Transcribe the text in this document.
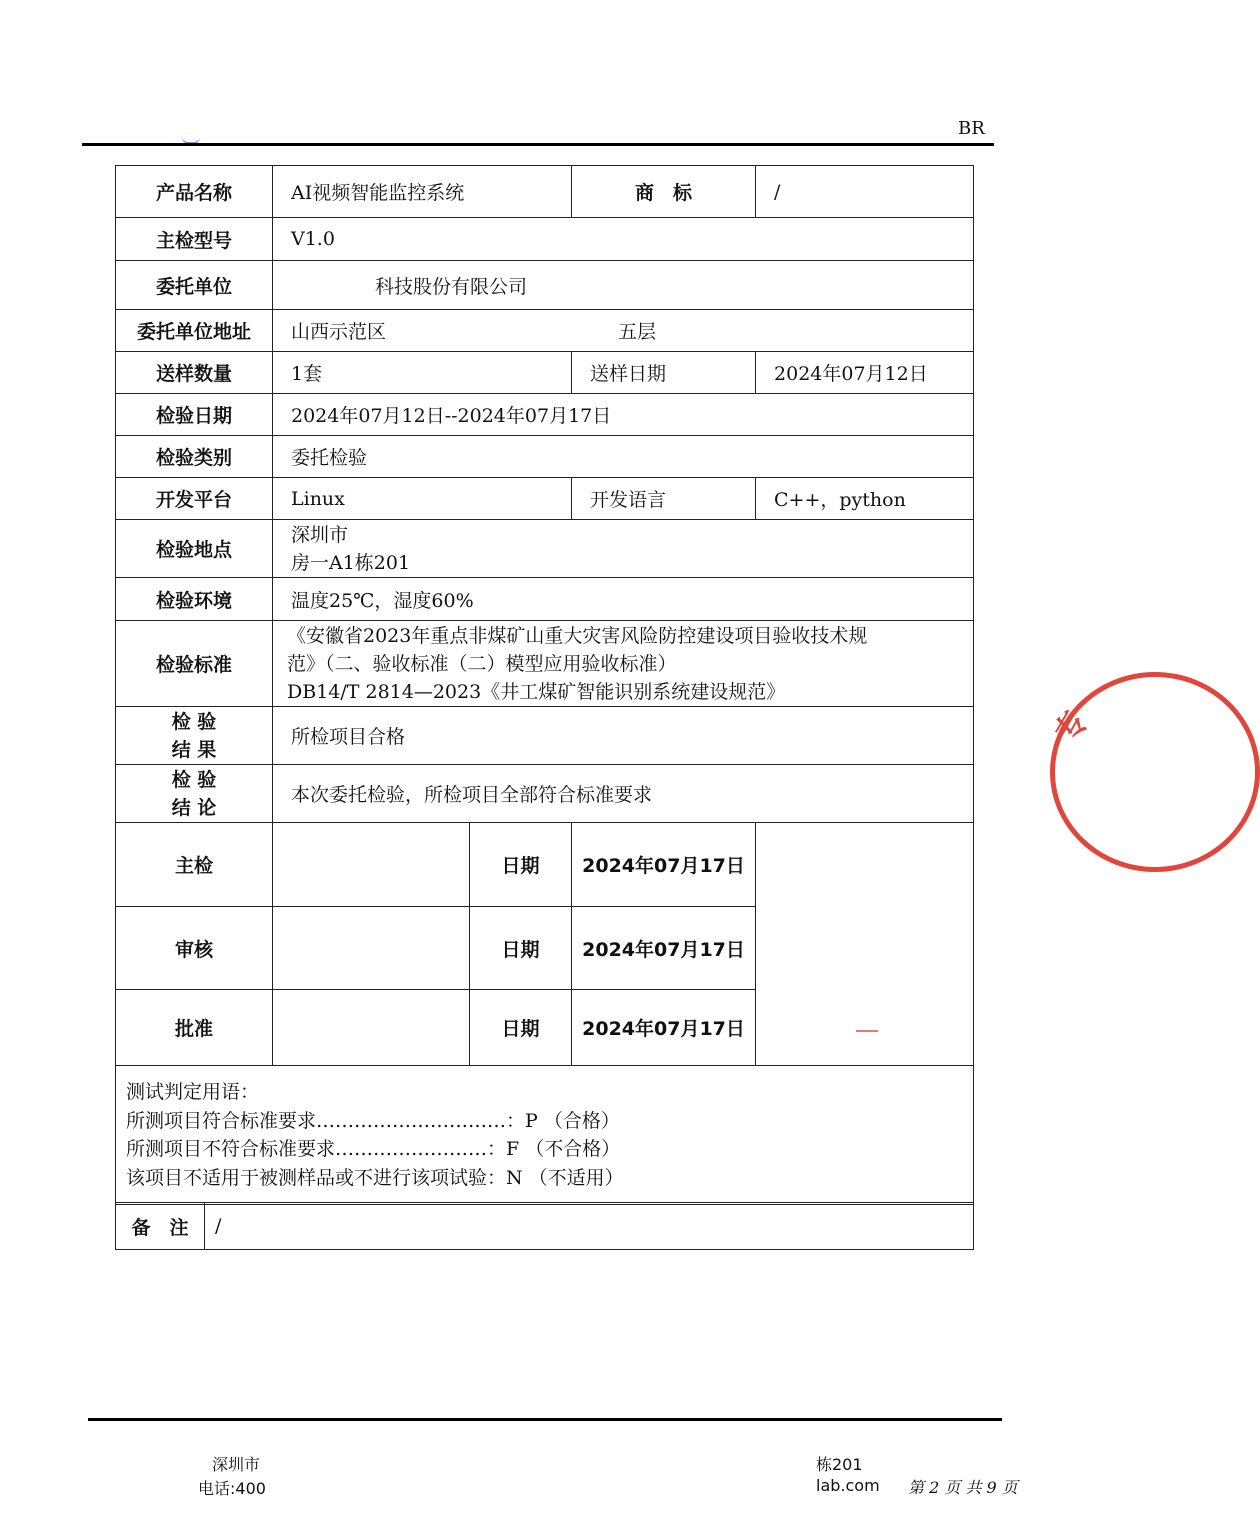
BR
产品名称	AI视频智能监控系统		商　标	/
主检型号	V1.0			
委托单位	科技股份有限公司			
委托单位地址	山西示范区 五层			
送样数量	1套		送样日期	2024年07月12日
检验日期	2024年07月12日--2024年07月17日			
检验类别	委托检验			
开发平台	Linux		开发语言	C++，python
检验地点	深圳市
房一A1栋201			

检验环境	温度25℃，湿度60%			
检验标准	《安徽省2023年重点非煤矿山重大灾害风险防控建设项目验收技术规
范》（二、验收标准（二）模型应用验收标准）
DB14/T 2814—2023《井工煤矿智能识别系统建设规范》			

检 验
结 果	所检项目合格			

检 验
结 论	本次委托检验，所检项目全部符合标准要求			
主检		日期	2024年07月17日	
审核		日期	2024年07月17日	
批准		日期	2024年07月17日	

测试判定用语：
所测项目符合标准要求…………………………：P （合格）
所测项目不符合标准要求……………………：F （不合格）
该项目不适用于被测样品或不进行该项试验：N （不适用）				
备　注	/
专
深圳市	栋201
电话:400	lab.com 第 2 页 共 9 页
